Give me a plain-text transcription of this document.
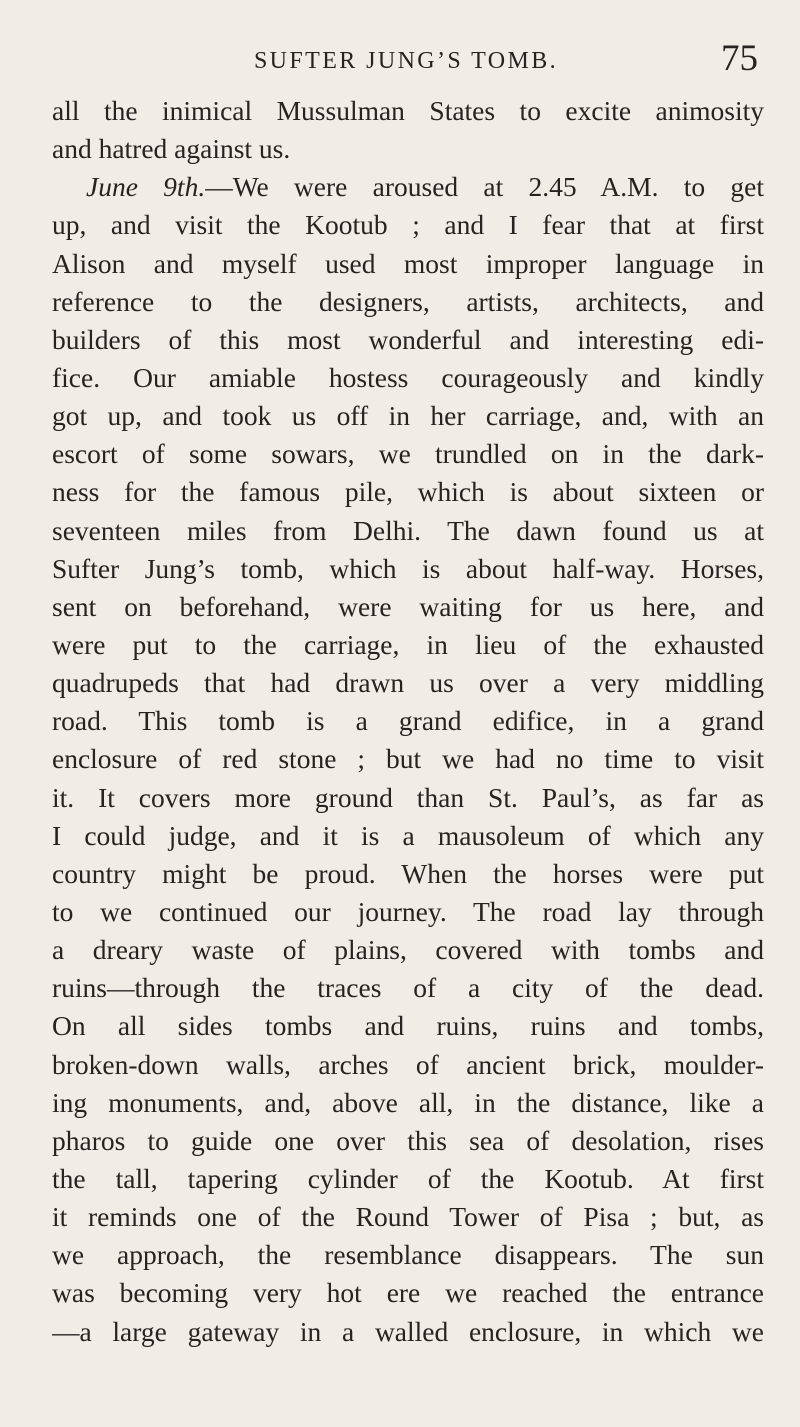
SUFTER JUNG’S TOMB.	75
all the inimical Mussulman States to excite animosity
and hatred against us.
June 9th.—We were aroused at 2.45 A.M. to get
up, and visit the Kootub ; and I fear that at first
Alison and myself used most improper language in
reference to the designers, artists, architects, and
builders of this most wonderful and interesting edi-
fice. Our amiable hostess courageously and kindly
got up, and took us off in her carriage, and, with an
escort of some sowars, we trundled on in the dark-
ness for the famous pile, which is about sixteen or
seventeen miles from Delhi. The dawn found us at
Sufter Jung’s tomb, which is about half-way. Horses,
sent on beforehand, were waiting for us here, and
were put to the carriage, in lieu of the exhausted
quadrupeds that had drawn us over a very middling
road. This tomb is a grand edifice, in a grand
enclosure of red stone ; but we had no time to visit
it. It covers more ground than St. Paul’s, as far as
I could judge, and it is a mausoleum of which any
country might be proud. When the horses were put
to we continued our journey. The road lay through
a dreary waste of plains, covered with tombs and
ruins—through the traces of a city of the dead.
On all sides tombs and ruins, ruins and tombs,
broken-down walls, arches of ancient brick, moulder-
ing monuments, and, above all, in the distance, like a
pharos to guide one over this sea of desolation, rises
the tall, tapering cylinder of the Kootub. At first
it reminds one of the Round Tower of Pisa ; but, as
we approach, the resemblance disappears. The sun
was becoming very hot ere we reached the entrance
—a large gateway in a walled enclosure, in which we
